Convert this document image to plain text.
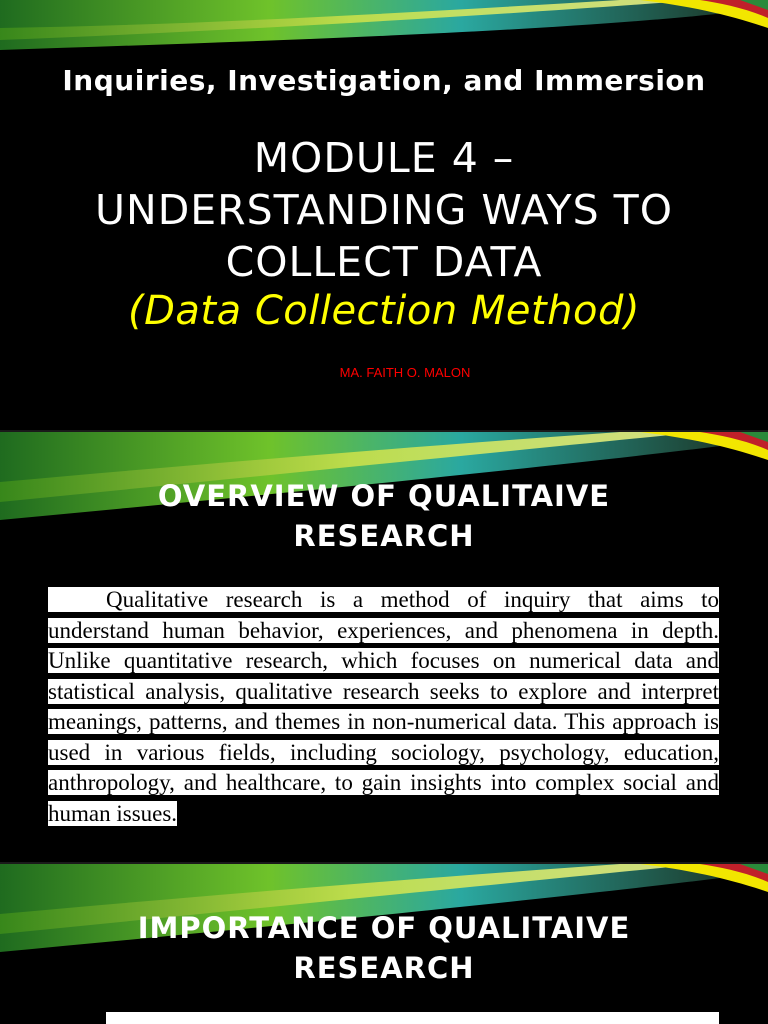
Inquiries, Investigation, and Immersion
MODULE 4 –
UNDERSTANDING WAYS TO
COLLECT DATA
(Data Collection Method)
MA. FAITH O. MALON
OVERVIEW OF QUALITAIVE
RESEARCH
Qualitative research is a method of inquiry that aims to understand human behavior, experiences, and phenomena in depth. Unlike quantitative research, which focuses on numerical data and statistical analysis, qualitative research seeks to explore and interpret meanings, patterns, and themes in non-numerical data. This approach is used in various fields, including sociology, psychology, education, anthropology, and healthcare, to gain insights into complex social and human issues.
IMPORTANCE OF QUALITAIVE
RESEARCH
